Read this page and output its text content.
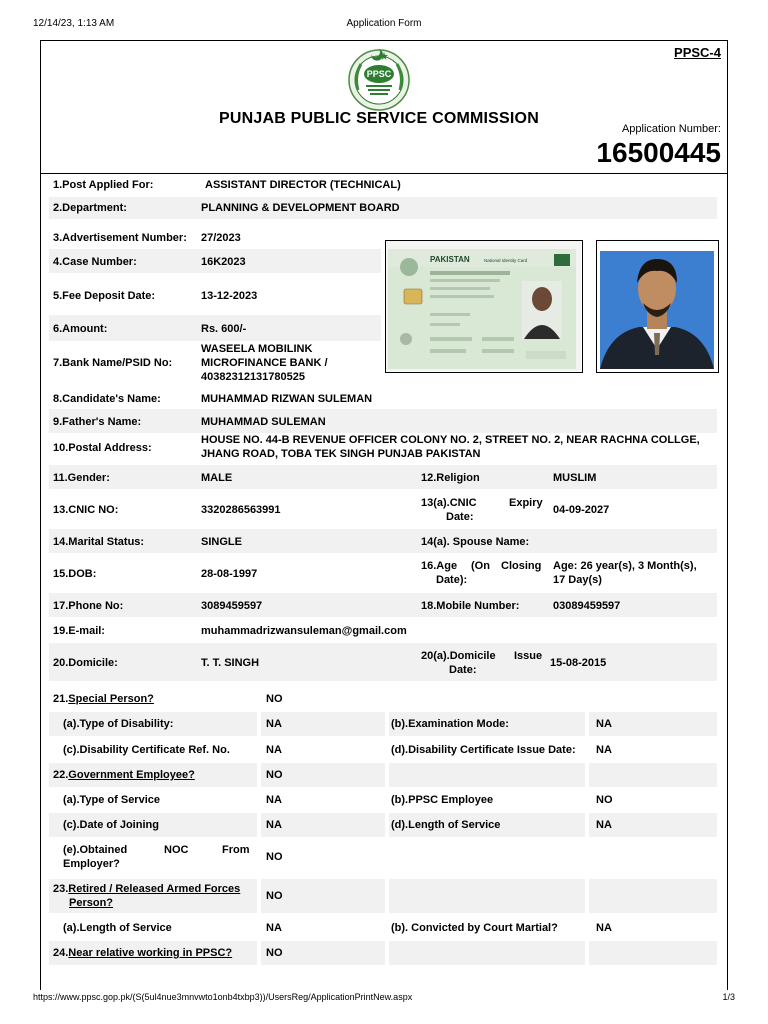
12/14/23, 1:13 AM	Application Form
PPSC-4
PPSC
PUNJAB PUBLIC SERVICE COMMISSION
Application Number:
16500445
1.Post Applied For:	ASSISTANT DIRECTOR (TECHNICAL)
2.Department:	PLANNING & DEVELOPMENT BOARD
3.Advertisement Number: 27/2023
4.Case Number:	16K2023
5.Fee Deposit Date:	13-12-2023
6.Amount:	Rs. 600/-
7.Bank Name/PSID No:
WASEELA MOBILINK
MICROFINANCE BANK /
40382312131780525
PAKISTAN	National Identity Card
8.Candidate's Name:	MUHAMMAD RIZWAN SULEMAN
9.Father's Name:	MUHAMMAD SULEMAN
10.Postal Address:
HOUSE NO. 44-B REVENUE OFFICER COLONY NO. 2, STREET NO. 2, NEAR RACHNA COLLGE,
JHANG ROAD, TOBA TEK SINGH PUNJAB PAKISTAN
11.Gender:	MALE	12.Religion	MUSLIM
13.CNIC NO:	3320286563991
13(a).CNIC	Expiry
Date:
04-09-2027
14.Marital Status:	SINGLE	14(a). Spouse Name:
15.DOB:	28-08-1997
16.Age (On Closing
Date):
Age: 26 year(s), 3 Month(s),
17 Day(s)
17.Phone No:	3089459597	18.Mobile Number:	03089459597
19.E-mail:	muhammadrizwansuleman@gmail.com
20.Domicile:	T. T. SINGH
20(a).Domicile Issue
Date:
15-08-2015
21.Special Person?	NO
(a).Type of Disability:	NA	(b).Examination Mode:	NA
(c).Disability Certificate Ref. No.	NA	(d).Disability Certificate Issue Date: NA
22.Government Employee?	NO
(a).Type of Service	NA	(b).PPSC Employee	NO
(c).Date of Joining	NA	(d).Length of Service	NA
(e).Obtained	NOC	From
Employer?
NO
23.Retired / Released Armed Forces
Person?
NO
(a).Length of Service	NA	(b). Convicted by Court Martial?	NA
24.Near relative working in PPSC?	NO
https://www.ppsc.gop.pk/(S(5ul4nue3mnvwto1onb4txbp3))/UsersReg/ApplicationPrintNew.aspx	1/3
